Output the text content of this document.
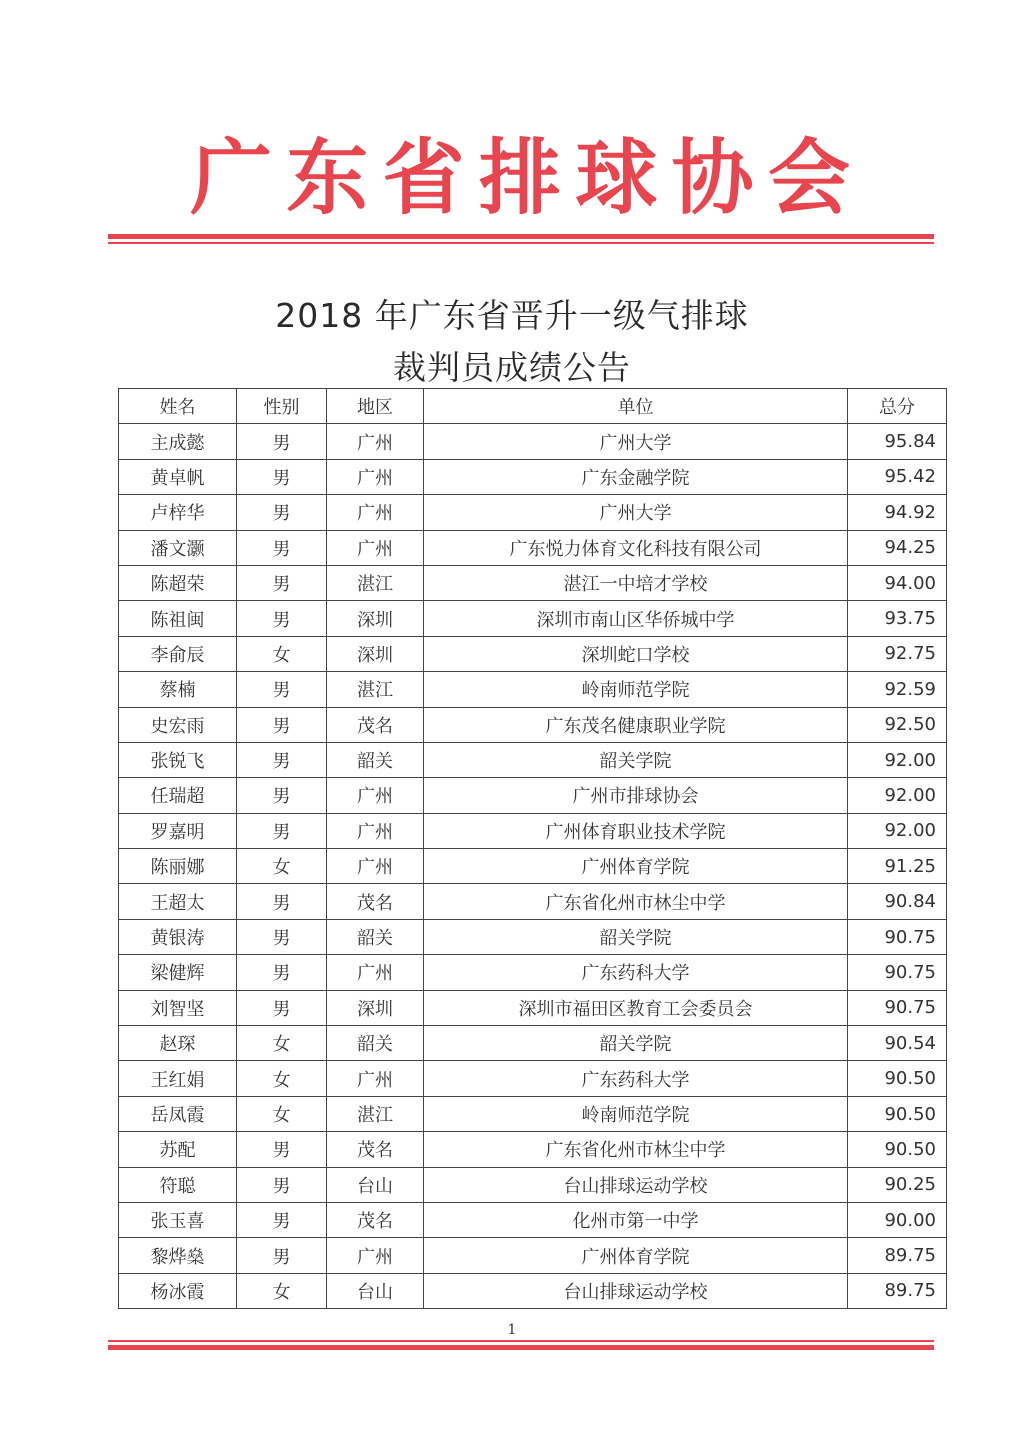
广 东 省 排 球 协 会
2018 年广东省晋升一级气排球
裁判员成绩公告
姓名	性别	地区	单位	总分
主成懿	男	广州	广州大学	95.84
黄卓帆	男	广州	广东金融学院	95.42
卢梓华	男	广州	广州大学	94.92
潘文灏	男	广州	广东悦力体育文化科技有限公司	94.25
陈超荣	男	湛江	湛江一中培才学校	94.00
陈祖闽	男	深圳	深圳市南山区华侨城中学	93.75
李俞辰	女	深圳	深圳蛇口学校	92.75
蔡楠	男	湛江	岭南师范学院	92.59
史宏雨	男	茂名	广东茂名健康职业学院	92.50
张锐飞	男	韶关	韶关学院	92.00
任瑞超	男	广州	广州市排球协会	92.00
罗嘉明	男	广州	广州体育职业技术学院	92.00
陈丽娜	女	广州	广州体育学院	91.25
王超太	男	茂名	广东省化州市林尘中学	90.84
黄银涛	男	韶关	韶关学院	90.75
梁健辉	男	广州	广东药科大学	90.75
刘智坚	男	深圳	深圳市福田区教育工会委员会	90.75
赵琛	女	韶关	韶关学院	90.54
王红娟	女	广州	广东药科大学	90.50
岳凤霞	女	湛江	岭南师范学院	90.50
苏配	男	茂名	广东省化州市林尘中学	90.50
符聪	男	台山	台山排球运动学校	90.25
张玉喜	男	茂名	化州市第一中学	90.00
黎烨燊	男	广州	广州体育学院	89.75
杨冰霞	女	台山	台山排球运动学校	89.75
1
